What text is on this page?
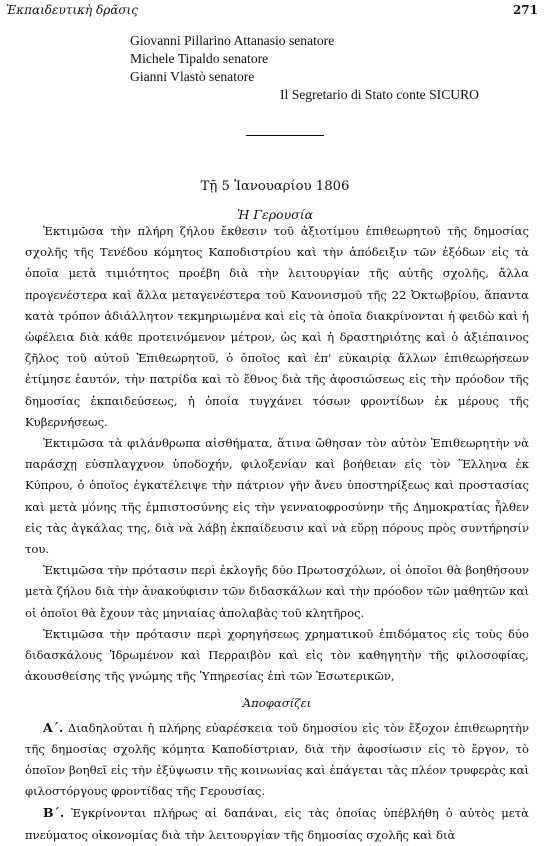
Ἐκπαιδευτικὴ δρᾶσις	271
Giovanni Pillarino Attanasio senatore
Michele Tipaldo senatore
Gianni Vlastò senatore
Il Segretario di Stato conte SICURO
Τῇ 5 Ἰανουαρίου 1806
Ἡ Γερουσία

Ἐκτιμῶσα τὴν πλήρη ζήλου ἔκθεσιν τοῦ ἀξιοτίμου ἐπιθεωρητοῦ τῆς δημοσίας σχολῆς τῆς Τενέδου κόμητος Καποδιστρίου καὶ τὴν ἀπόδειξιν τῶν ἐξόδων εἰς τὰ ὁποῖα μετὰ τιμιότητος προέβη διὰ τὴν λειτουργίαν τῆς αὐτῆς σχολῆς, ἄλλα προγενέστερα καὶ ἄλλα μεταγενέστερα τοῦ Κανονισμοῦ τῆς 22 Ὀκτωβρίου, ἅπαντα κατὰ τρόπον ἀδιάλλητον τεκμηριωμένα καὶ εἰς τὰ ὁποῖα διακρίνονται ἡ φειδὼ καὶ ἡ ὠφέλεια διὰ κάθε προτεινόμενον μέτρον, ὡς καὶ ἡ δραστηριότης καὶ ὁ ἀξιέπαινος ζῆλος τοῦ αὐτοῦ Ἐπιθεωρητοῦ, ὁ ὁποῖος καὶ ἐπ' εὐκαιρίᾳ ἄλλων ἐπιθεωρήσεων ἐτίμησε ἑαυτόν, τὴν πατρίδα καὶ τὸ ἔθνος διὰ τῆς ἀφοσιώσεως εἰς τὴν πρόοδον τῆς δημοσίας ἐκπαιδεύσεως, ἡ ὁποία τυγχάνει τόσων φροντίδων ἐκ μέρους τῆς Κυβερνήσεως.

Ἐκτιμῶσα τὰ φιλάνθρωπα αἰσθήματα, ἅτινα ὤθησαν τὸν αὐτὸν Ἐπιθεωρητὴν νὰ παράσχῃ εὐσπλαγχνον ὑποδοχήν, φιλοξενίαν καὶ βοήθειαν εἰς τὸν Ἕλληνα ἐκ Κύπρου, ὁ ὁποῖος ἐγκατέλειψε τὴν πάτριον γῆν ἄνευ ὑποστηρίξεως καὶ προστασίας καὶ μετὰ μόνης τῆς ἐμπιστοσύνης εἰς τὴν γενναιοφροσύνην τῆς Δημοκρατίας ἦλθεν εἰς τὰς ἀγκάλας της, διὰ νὰ λάβῃ ἐκπαίδευσιν καὶ νὰ εὕρῃ πόρους πρὸς συντήρησίν του.

Ἐκτιμῶσα τὴν πρότασιν περὶ ἐκλογῆς δύο Πρωτοσχόλων, οἱ ὁποῖοι θὰ βοηθήσουν μετὰ ζήλου διὰ τὴν ἀνακούφισιν τῶν διδασκάλων καὶ τὴν πρόοδον τῶν μαθητῶν καὶ οἱ ὁποῖοι θὰ ἔχουν τὰς μηνιαίας ἀπολαβὰς τοῦ κλητῆρος.

Ἐκτιμῶσα τὴν πρότασιν περὶ χορηγήσεως χρηματικοῦ ἐπιδόματος εἰς τοὺς δύο διδασκάλους Ἱδρωμένον καὶ Περραιβὸν καὶ εἰς τὸν καθηγητὴν τῆς φιλοσοφίας, ἀκουσθείσης τῆς γνώμης τῆς Ὑπηρεσίας ἐπὶ τῶν Ἐσωτερικῶν,

Ἀποφασίζει

Α΄. Διαδηλοῦται ἡ πλήρης εὐαρέσκεια τοῦ δημοσίου εἰς τὸν ἔξοχον ἐπιθεωρητὴν τῆς δημοσίας σχολῆς κόμητα Καποδίστριαν, διὰ τὴν ἀφοσίωσιν εἰς τὸ ἔργον, τὸ ὁποῖον βοηθεῖ εἰς τὴν ἐξύψωσιν τῆς κοινωνίας καὶ ἐπάγεται τὰς πλέον τρυφερὰς καὶ φιλοστόργους φροντίδας τῆς Γερουσίας.

Β΄. Ἐγκρίνονται πλήρως αἱ δαπάναι, εἰς τὰς ὁποίας ὑπέβλήθη ὁ αὐτὸς μετὰ πνεύματος οἰκονομίας διὰ τὴν λειτουργίαν τῆς δημοσίας σχολῆς καὶ διὰ
